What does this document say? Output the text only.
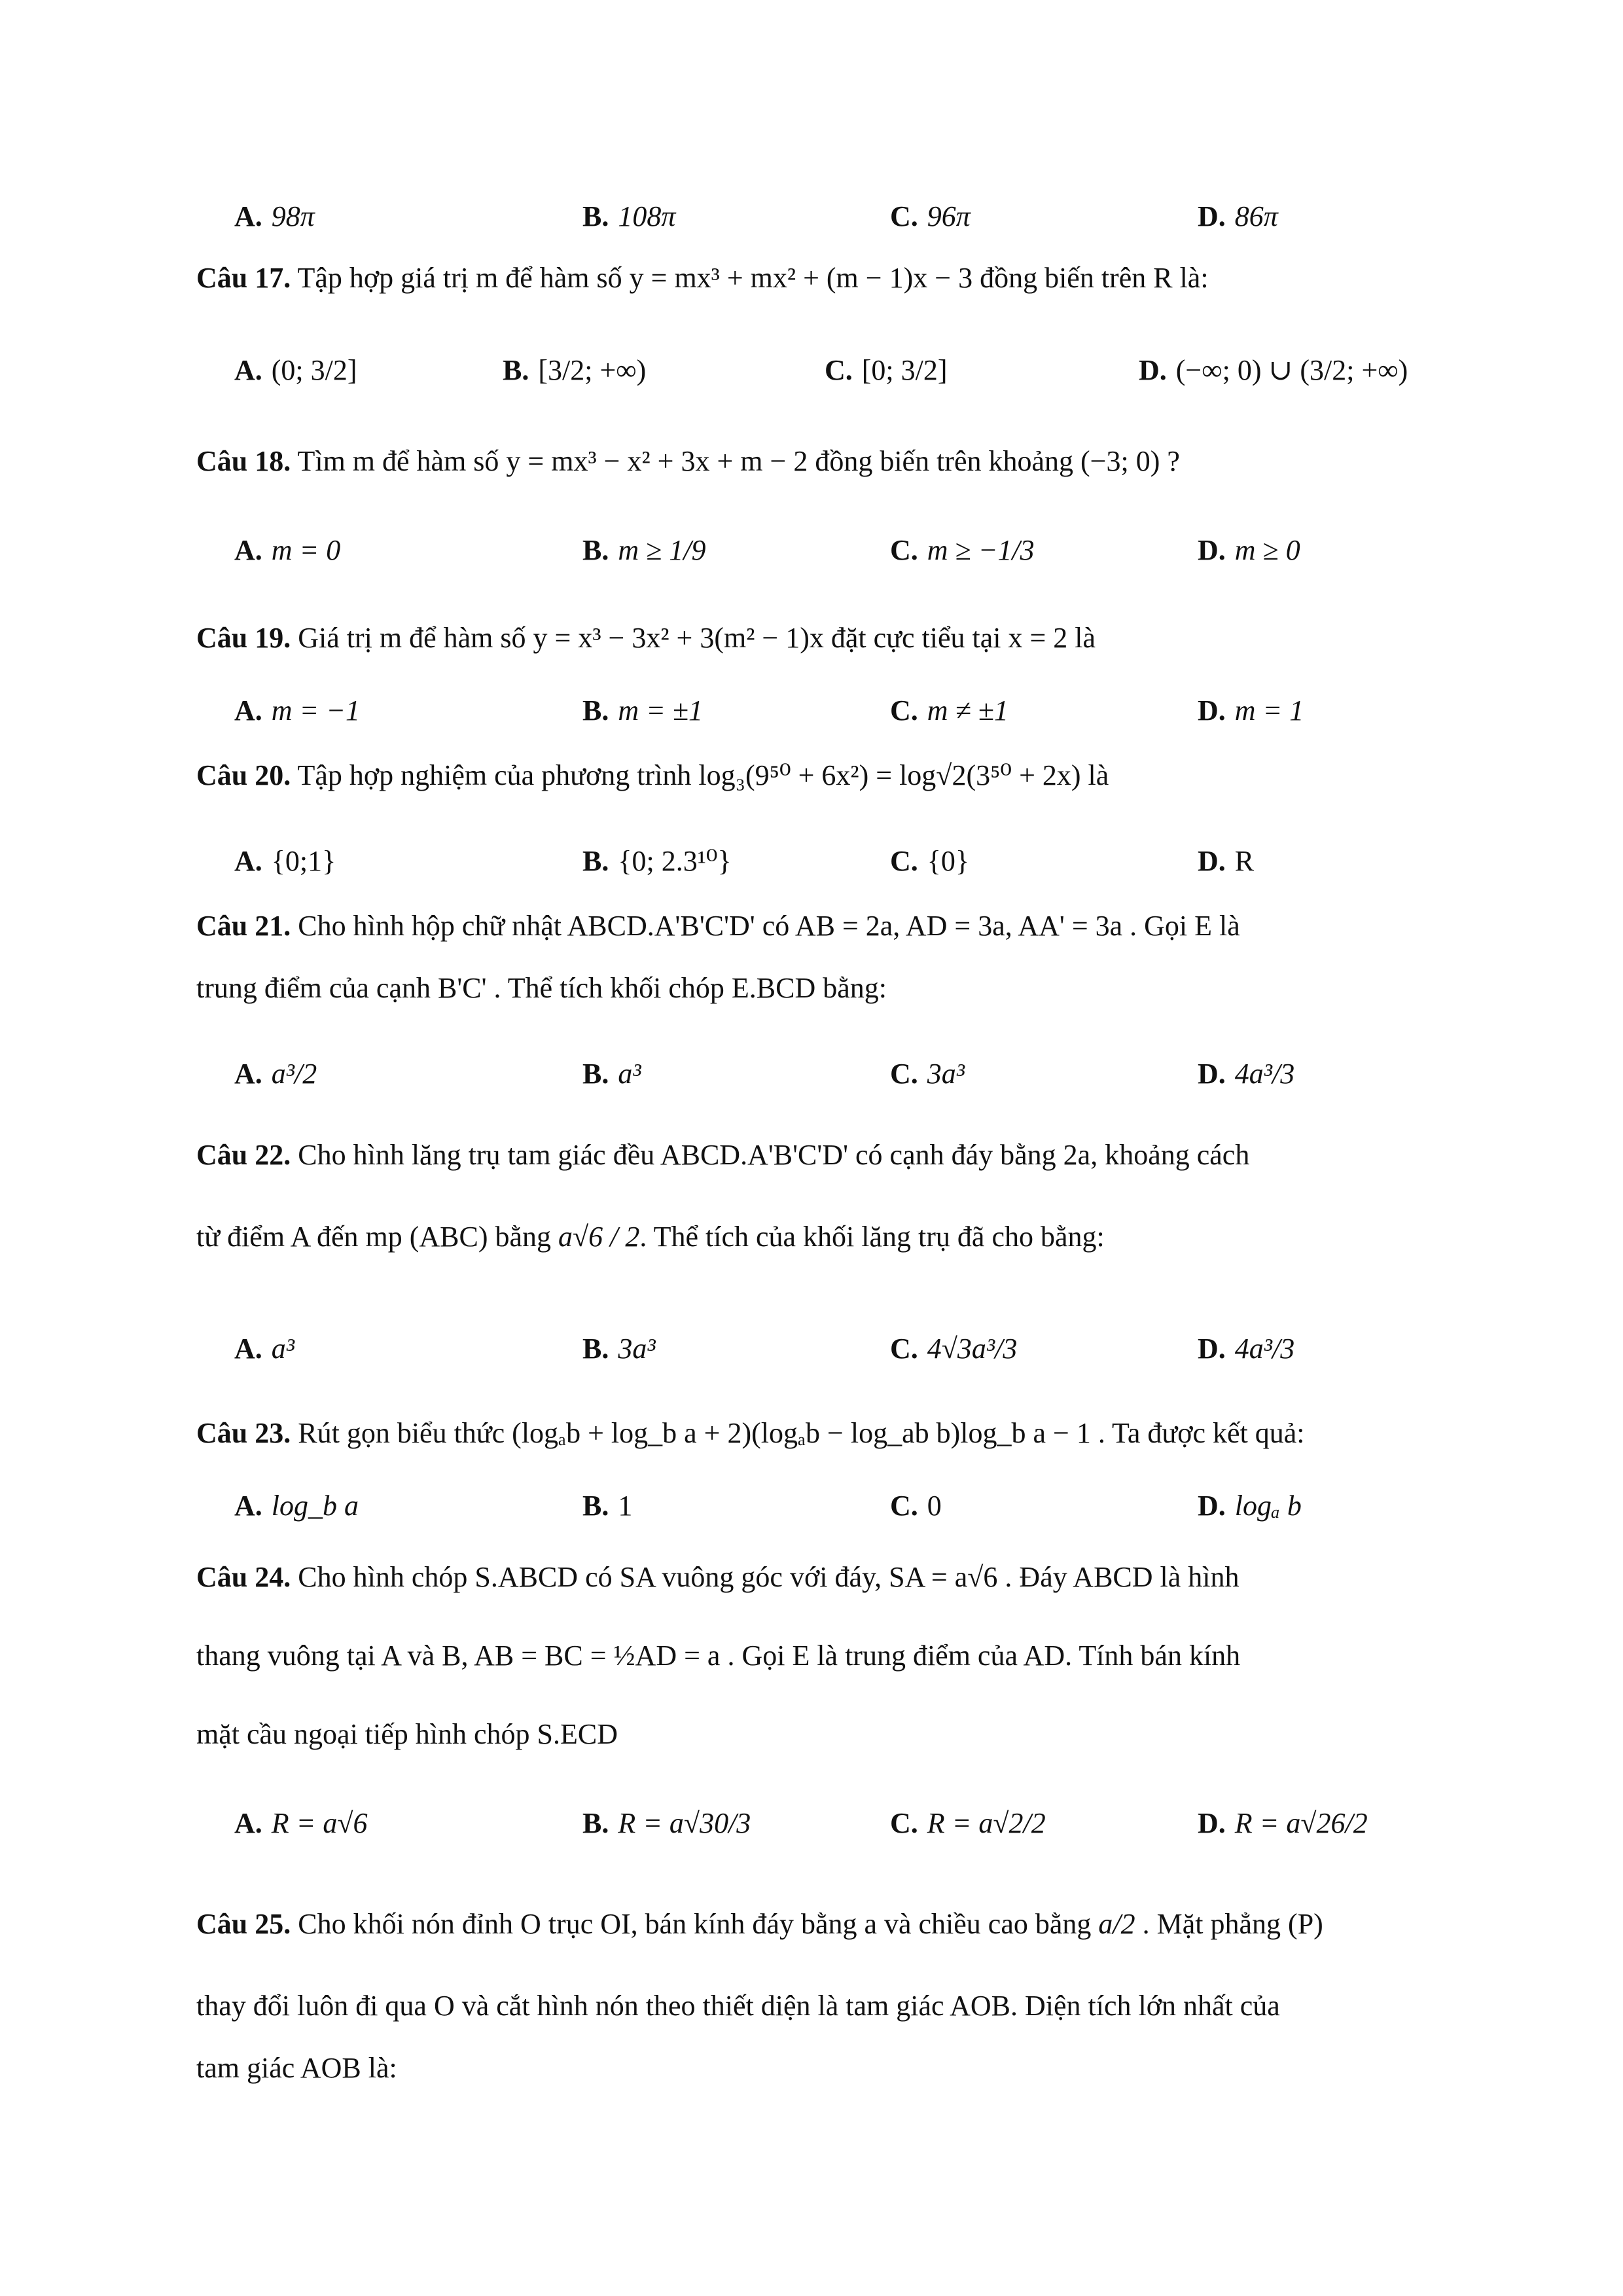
A. 98π	B. 108π	C. 96π	D. 86π
Câu 17. Tập hợp giá trị m để hàm số y = mx³ + mx² + (m − 1)x − 3 đồng biến trên R là:
A. (0; 3/2]	B. [3/2; +∞)	C. [0; 3/2]	D. (−∞; 0) ∪ (3/2; +∞)
Câu 18. Tìm m để hàm số y = mx³ − x² + 3x + m − 2 đồng biến trên khoảng (−3; 0) ?
A. m = 0	B. m ≥ 1/9	C. m ≥ −1/3	D. m ≥ 0
Câu 19. Giá trị m để hàm số y = x³ − 3x² + 3(m² − 1)x đặt cực tiểu tại x = 2 là
A. m = −1	B. m = ±1	C. m ≠ ±1	D. m = 1
Câu 20. Tập hợp nghiệm của phương trình log₃(9⁵⁰ + 6x²) = log√2(3⁵⁰ + 2x) là
A. {0;1}	B. {0; 2.3¹⁰}	C. {0}	D. R
Câu 21. Cho hình hộp chữ nhật ABCD.A'B'C'D' có AB = 2a, AD = 3a, AA' = 3a . Gọi E là
trung điểm của cạnh B'C' . Thể tích khối chóp E.BCD bằng:
A. a³/2	B. a³	C. 3a³	D. 4a³/3
Câu 22. Cho hình lăng trụ tam giác đều ABCD.A'B'C'D' có cạnh đáy bằng 2a, khoảng cách
từ điểm A đến mp (ABC) bằng a√6 / 2. Thể tích của khối lăng trụ đã cho bằng:
A. a³	B. 3a³	C. 4√3a³/3	D. 4a³/3
Câu 23. Rút gọn biểu thức (logₐb + log_b a + 2)(logₐb − log_ab b)log_b a − 1 . Ta được kết quả:
A. log_b a	B. 1	C. 0	D. logₐ b
Câu 24. Cho hình chóp S.ABCD có SA vuông góc với đáy, SA = a√6 . Đáy ABCD là hình
thang vuông tại A và B, AB = BC = ½AD = a . Gọi E là trung điểm của AD. Tính bán kính
mặt cầu ngoại tiếp hình chóp S.ECD
A. R = a√6	B. R = a√30/3	C. R = a√2/2	D. R = a√26/2
Câu 25. Cho khối nón đỉnh O trục OI, bán kính đáy bằng a và chiều cao bằng a/2 . Mặt phẳng (P)
thay đổi luôn đi qua O và cắt hình nón theo thiết diện là tam giác AOB. Diện tích lớn nhất của
tam giác AOB là:
